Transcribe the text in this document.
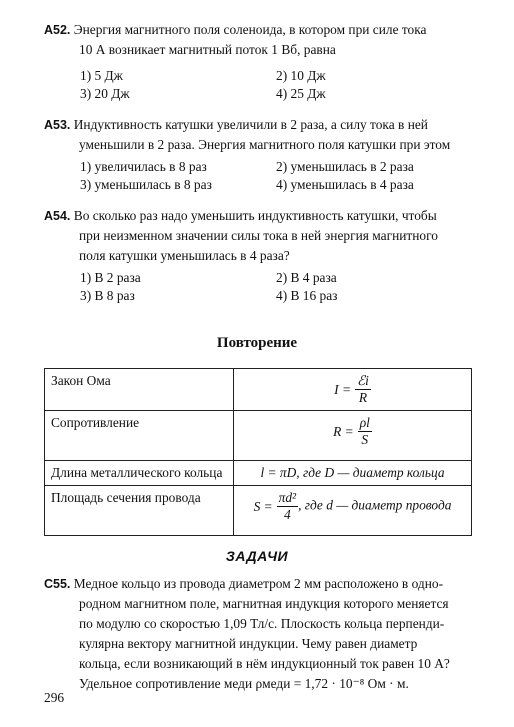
A52. Энергия магнитного поля соленоида, в котором при силе тока
10 А возникает магнитный поток 1 Вб, равна
1) 5 Дж	2) 10 Дж
3) 20 Дж	4) 25 Дж
A53. Индуктивность катушки увеличили в 2 раза, а силу тока в ней
уменьшили в 2 раза. Энергия магнитного поля катушки при этом
1) увеличилась в 8 раз	2) уменьшилась в 2 раза
3) уменьшилась в 8 раз	4) уменьшилась в 4 раза
A54. Во сколько раз надо уменьшить индуктивность катушки, чтобы
при неизменном значении силы тока в ней энергия магнитного
поля катушки уменьшилась в 4 раза?
1) В 2 раза	2) В 4 раза
3) В 8 раз	4) В 16 раз
Повторение
Закон Ома	$I = \frac{\text{ℰi}}{R}$

Сопротивление	$R = \frac{\rho l}{S}$

Длина металлического кольца	l = πD, где D — диаметр кольца
Площадь сечения провода	$S = \frac{\text{πd²}}{4}$ , где d — диаметр провода
ЗАДАЧИ
C55. Медное кольцо из провода диаметром 2 мм расположено в одно-
родном магнитном поле, магнитная индукция которого меняется
по модулю со скоростью 1,09 Тл/с. Плоскость кольца перпенди-
кулярна вектору магнитной индукции. Чему равен диаметр
кольца, если возникающий в нём индукционный ток равен 10 А?
Удельное сопротивление меди ρмеди = 1,72 · 10⁻⁸ Ом · м.
296
